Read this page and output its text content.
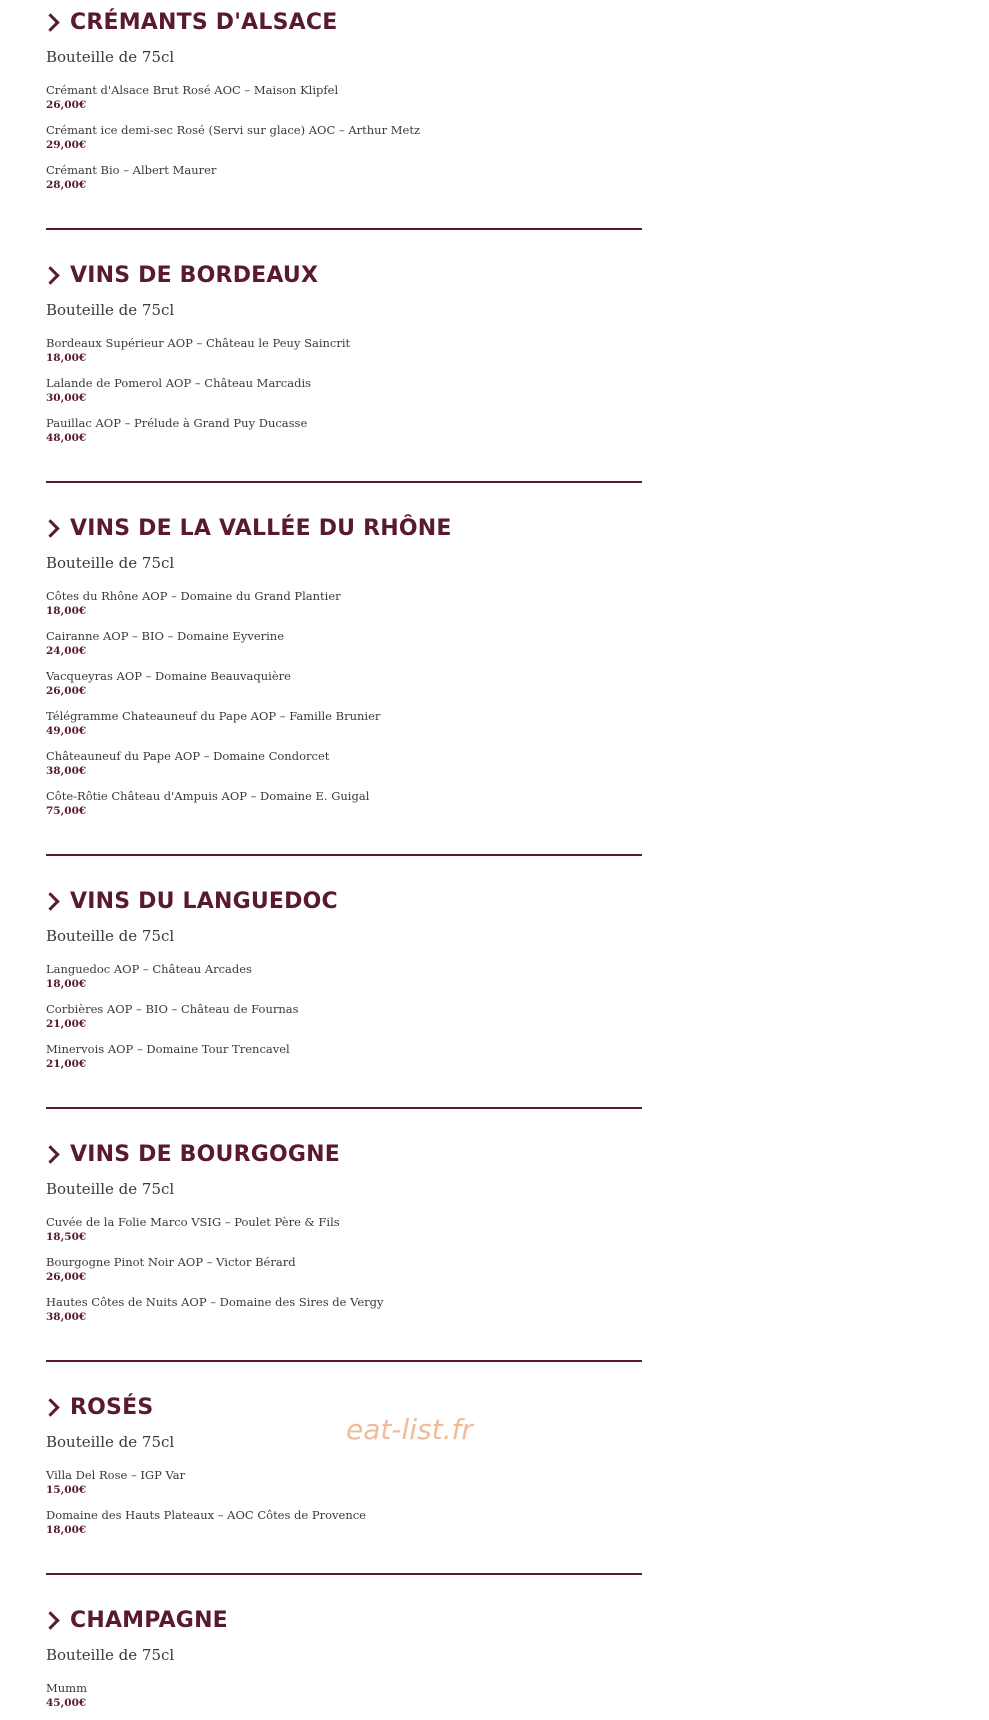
CRÉMANTS D'ALSACE
Bouteille de 75cl
Crémant d'Alsace Brut Rosé AOC – Maison Klipfel
26,00€
Crémant ice demi-sec Rosé (Servi sur glace) AOC – Arthur Metz
29,00€
Crémant Bio – Albert Maurer
28,00€
VINS DE BORDEAUX
Bouteille de 75cl
Bordeaux Supérieur AOP – Château le Peuy Saincrit
18,00€
Lalande de Pomerol AOP – Château Marcadis
30,00€
Pauillac AOP – Prélude à Grand Puy Ducasse
48,00€
VINS DE LA VALLÉE DU RHÔNE
Bouteille de 75cl
Côtes du Rhône AOP – Domaine du Grand Plantier
18,00€
Cairanne AOP – BIO – Domaine Eyverine
24,00€
Vacqueyras AOP – Domaine Beauvaquière
26,00€
Télégramme Chateauneuf du Pape AOP – Famille Brunier
49,00€
Châteauneuf du Pape AOP – Domaine Condorcet
38,00€
Côte-Rôtie Château d'Ampuis AOP – Domaine E. Guigal
75,00€
VINS DU LANGUEDOC
Bouteille de 75cl
Languedoc AOP – Château Arcades
18,00€
Corbières AOP – BIO – Château de Fournas
21,00€
Minervois AOP – Domaine Tour Trencavel
21,00€
VINS DE BOURGOGNE
Bouteille de 75cl
Cuvée de la Folie Marco VSIG – Poulet Père & Fils
18,50€
Bourgogne Pinot Noir AOP – Victor Bérard
26,00€
Hautes Côtes de Nuits AOP – Domaine des Sires de Vergy
38,00€
ROSÉS
Bouteille de 75cl
Villa Del Rose – IGP Var
15,00€
Domaine des Hauts Plateaux – AOC Côtes de Provence
18,00€
CHAMPAGNE
Bouteille de 75cl
Mumm
45,00€
eat-list.fr
